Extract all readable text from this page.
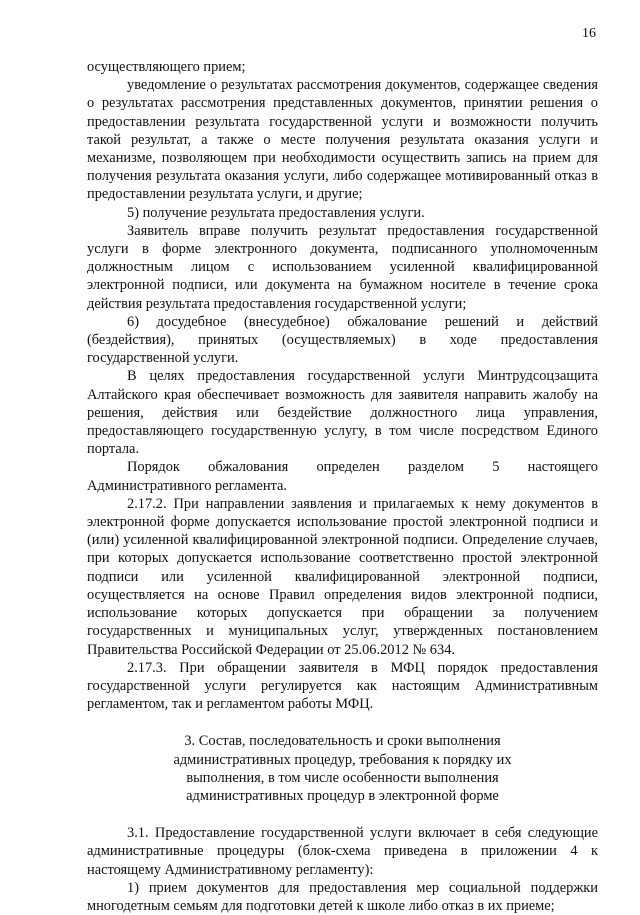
16

осуществляющего прием;

уведомление о результатах рассмотрения документов, содержащее сведения о результатах рассмотрения представленных документов, принятии решения о предоставлении результата государственной услуги и возможности получить такой результат, а также о месте получения результата оказания услуги и механизме, позволяющем при необходимости осуществить запись на прием для получения результата оказания услуги, либо содержащее мотивированный отказ в предоставлении результата услуги, и другие;

5) получение результата предоставления услуги.

Заявитель вправе получить результат предоставления государственной услуги в форме электронного документа, подписанного уполномоченным должностным лицом с использованием усиленной квалифицированной электронной подписи, или документа на бумажном носителе в течение срока действия результата предоставления государственной услуги;

6) досудебное (внесудебное) обжалование решений и действий (бездействия), принятых (осуществляемых) в ходе предоставления государственной услуги.

В целях предоставления государственной услуги Минтрудсоцзащита Алтайского края обеспечивает возможность для заявителя направить жалобу на решения, действия или бездействие должностного лица управления, предоставляющего государственную услугу, в том числе посредством Единого портала.

Порядок обжалования определен разделом 5 настоящего Административного регламента.

2.17.2. При направлении заявления и прилагаемых к нему документов в электронной форме допускается использование простой электронной подписи и (или) усиленной квалифицированной электронной подписи. Определение случаев, при которых допускается использование соответственно простой электронной подписи или усиленной квалифицированной электронной подписи, осуществляется на основе Правил определения видов электронной подписи, использование которых допускается при обращении за получением государственных и муниципальных услуг, утвержденных постановлением Правительства Российской Федерации от 25.06.2012 № 634.

2.17.3. При обращении заявителя в МФЦ порядок предоставления государственной услуги регулируется как настоящим Административным регламентом, так и регламентом работы МФЦ.

3. Состав, последовательность и сроки выполнения административных процедур, требования к порядку их выполнения, в том числе особенности выполнения административных процедур в электронной форме

3.1. Предоставление государственной услуги включает в себя следующие административные процедуры (блок-схема приведена в приложении 4 к настоящему Административному регламенту):

1) прием документов для предоставления мер социальной поддержки многодетным семьям для подготовки детей к школе либо отказ в их приеме;
